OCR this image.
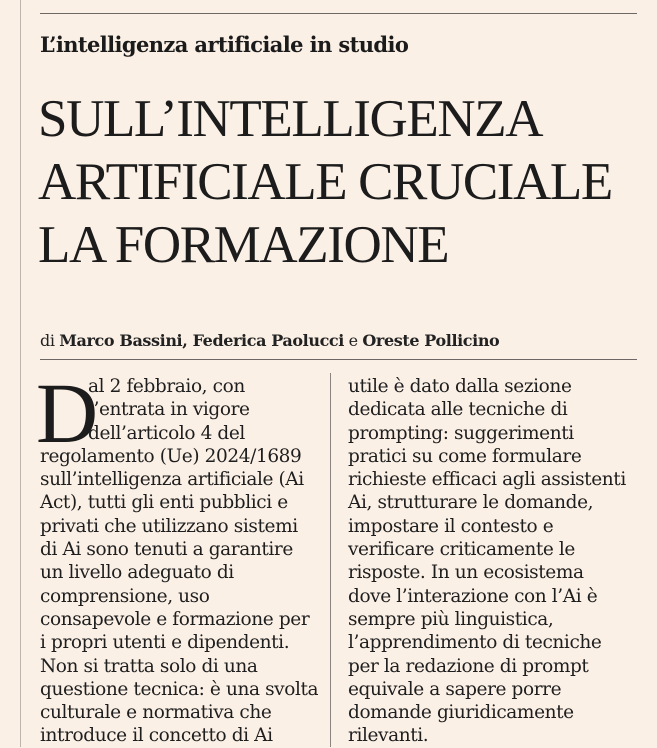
L’intelligenza artificiale in studio
SULL’INTELLIGENZA
ARTIFICIALE CRUCIALE
LA FORMAZIONE
di Marco Bassini, Federica Paolucci e Oreste Pollicino
D
al 2 febbraio, con
l’entrata in vigore
dell’articolo 4 del
regolamento (Ue) 2024/1689
sull’intelligenza artificiale (Ai
Act), tutti gli enti pubblici e
privati che utilizzano sistemi
di Ai sono tenuti a garantire
un livello adeguato di
comprensione, uso
consapevole e formazione per
i propri utenti e dipendenti.
Non si tratta solo di una
questione tecnica: è una svolta
culturale e normativa che
introduce il concetto di Ai
utile è dato dalla sezione
dedicata alle tecniche di
prompting: suggerimenti
pratici su come formulare
richieste efficaci agli assistenti
Ai, strutturare le domande,
impostare il contesto e
verificare criticamente le
risposte. In un ecosistema
dove l’interazione con l’Ai è
sempre più linguistica,
l’apprendimento di tecniche
per la redazione di prompt
equivale a sapere porre
domande giuridicamente
rilevanti.
